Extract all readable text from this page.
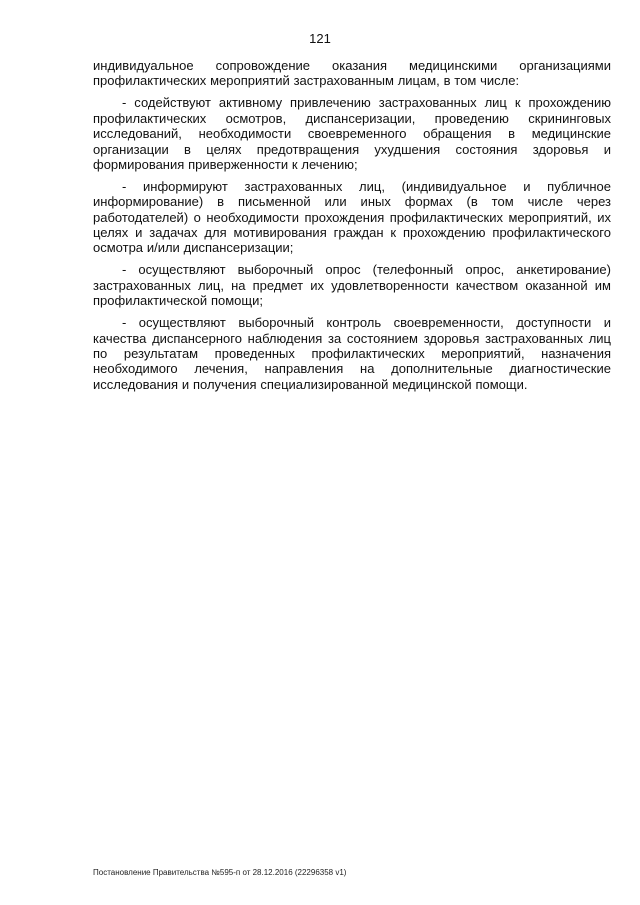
121

индивидуальное сопровождение оказания медицинскими организациями профилактических мероприятий застрахованным лицам, в том числе:

- содействуют активному привлечению застрахованных лиц к прохождению профилактических осмотров, диспансеризации, проведению скрининговых исследований, необходимости своевременного обращения в медицинские организации в целях предотвращения ухудшения состояния здоровья и формирования приверженности к лечению;

- информируют застрахованных лиц, (индивидуальное и публичное информирование) в письменной или иных формах (в том числе через работодателей) о необходимости прохождения профилактических мероприятий, их целях и задачах для мотивирования граждан к прохождению профилактического осмотра и/или диспансеризации;

- осуществляют выборочный опрос (телефонный опрос, анкетирование) застрахованных лиц, на предмет их удовлетворенности качеством оказанной им профилактической помощи;

- осуществляют выборочный контроль своевременности, доступности и качества диспансерного наблюдения за состоянием здоровья застрахованных лиц по результатам проведенных профилактических мероприятий, назначения необходимого лечения, направления на дополнительные диагностические исследования и получения специализированной медицинской помощи.

Постановление Правительства №595-п от 28.12.2016 (22296358 v1)
